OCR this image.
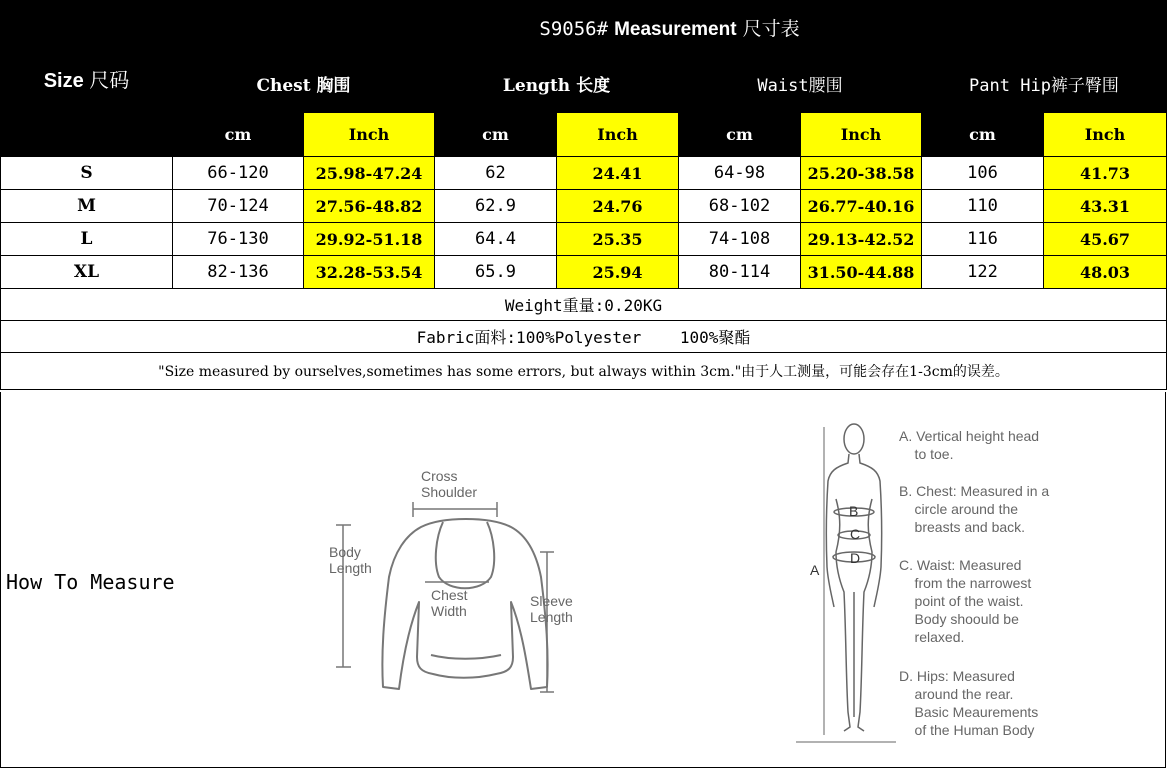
Size 尺码	S9056# Measurement 尺寸表							
	Chest 胸围		Length 长度		Waist腰围		Pant Hip裤子臀围	
	cm	Inch	cm	Inch	cm	Inch	cm	Inch
S	66-120	25.98-47.24	62	24.41	64-98	25.20-38.58	106	41.73
M	70-124	27.56-48.82	62.9	24.76	68-102	26.77-40.16	110	43.31
L	76-130	29.92-51.18	64.4	25.35	74-108	29.13-42.52	116	45.67
XL	82-136	32.28-53.54	65.9	25.94	80-114	31.50-44.88	122	48.03
Weight重量:0.20KG								
Fabric面料:100%Polyester    100%聚酯								
"Size measured by ourselves,sometimes has some errors, but always within 3cm."由于人工测量，可能会存在1-3cm的误差。								
How To Measure
Cross
Shoulder
Body
Length
Chest
Width
Sleeve
Length
B
C
D
A
A. Vertical height head
to toe.
B. Chest: Measured in a
circle around the
breasts and back.
C. Waist: Measured
from the narrowest
point of the waist.
Body shoould be
relaxed.
D. Hips: Measured
around the rear.
Basic Meaurements
of the Human Body
